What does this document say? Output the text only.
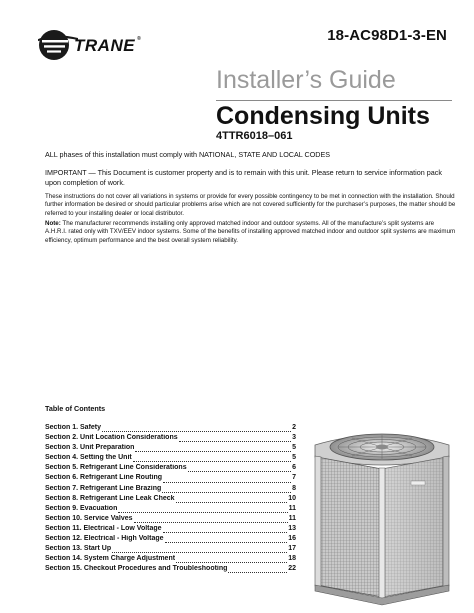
TRANE ®	18-AC98D1-3-EN
Installer’s Guide
Condensing Units
4TTR6018–061
ALL phases of this installation must comply with NATIONAL, STATE AND LOCAL CODES
IMPORTANT — This Document is customer property and is to remain with this unit. Please return to service information pack upon completion of work.
These instructions do not cover all variations in systems or provide for every possible contingency to be met in connection with the installation. Should further information be desired or should particular problems arise which are not covered sufficiently for the purchaser’s purposes, the matter should be referred to your installing dealer or local distributor.
Note: The manufacturer recommends installing only approved matched indoor and outdoor systems. All of the manufacture’s split systems are A.H.R.I. rated only with TXV/EEV indoor systems. Some of the benefits of installing approved matched indoor and outdoor split systems are maximum efficiency, optimum performance and the best overall system reliability.
Table of Contents
Section 1. Safety	2
Section 2. Unit Location Considerations	3
Section 3. Unit Preparation	5
Section 4. Setting the Unit	5
Section 5. Refrigerant Line Considerations	6
Section 6. Refrigerant Line Routing	7
Section 7. Refrigerant Line Brazing	8
Section 8. Refrigerant Line Leak Check	10
Section 9. Evacuation	11
Section 10. Service Valves	11
Section 11. Electrical - Low Voltage	13
Section 12. Electrical - High Voltage	16
Section 13. Start Up	17
Section 14. System Charge Adjustment	18
Section 15. Checkout Procedures and Troubleshooting	22
